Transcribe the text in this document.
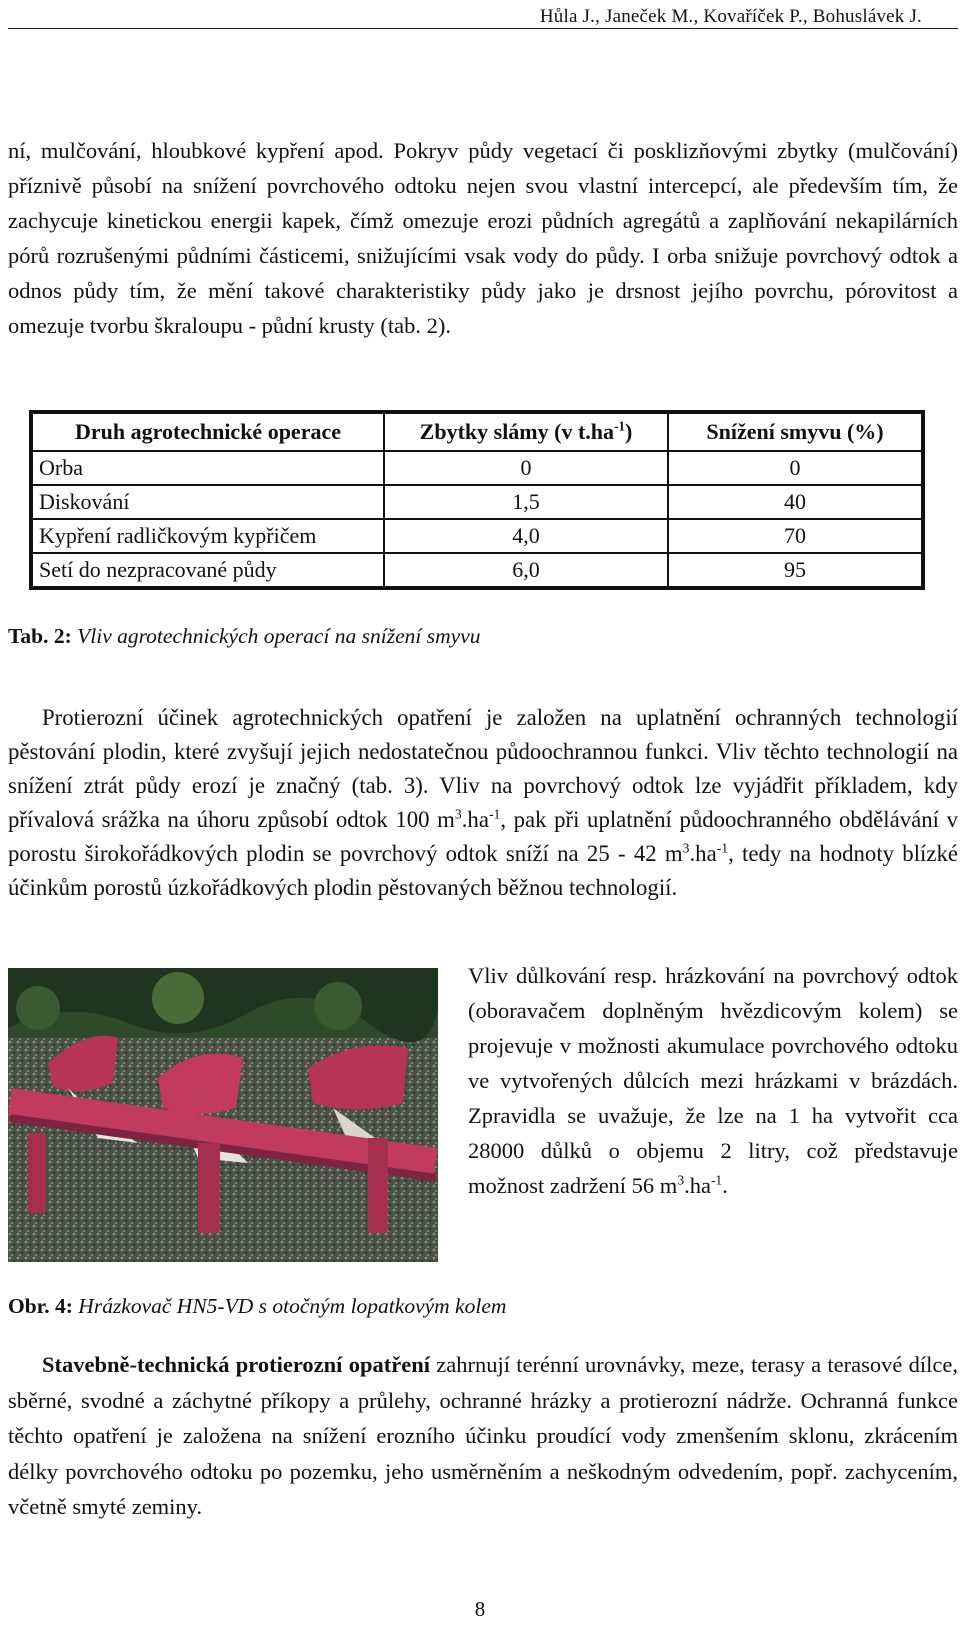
Hůla J., Janeček M., Kovaříček P., Bohuslávek J.
ní, mulčování, hloubkové kypření apod. Pokryv půdy vegetací či posklizňovými zbytky (mulčování) příznivě působí na snížení povrchového odtoku nejen svou vlastní intercepcí, ale především tím, že zachycuje kinetickou energii kapek, čímž omezuje erozi půdních agregátů a zaplňování nekapilárních pórů rozrušenými půdními částicemi, snižujícími vsak vody do půdy. I orba snižuje povrchový odtok a odnos půdy tím, že mění takové charakteristiky půdy jako je drsnost jejího povrchu, pórovitost a omezuje tvorbu škraloupu - půdní krusty (tab. 2).
Druh agrotechnické operace	Zbytky slámy (v $t.ha^{-1}$)	Snížení smyvu (%)
Orba	0	0
Diskování	1,5	40
Kypření radličkovým kypřičem	4,0	70
Setí do nezpracované půdy	6,0	95
Tab. 2: Vliv agrotechnických operací na snížení smyvu
Protierozní účinek agrotechnických opatření je založen na uplatnění ochranných technologií pěstování plodin, které zvyšují jejich nedostatečnou půdoochrannou funkci. Vliv těchto technologií na snížení ztrát půdy erozí je značný (tab. 3). Vliv na povrchový odtok lze vyjádřit příkladem, kdy přívalová srážka na úhoru způsobí odtok 100 $m^3.ha^{-1}$, pak při uplatnění půdoochranného obdělávání v porostu širokořádkových plodin se povrchový odtok sníží na 25 - 42 $m^3.ha^{-1}$, tedy na hodnoty blízké účinkům porostů úzkořádkových plodin pěstovaných běžnou technologií.
Vliv důlkování resp. hrázkování na povrchový odtok (oboravačem doplněným hvězdicovým kolem) se projevuje v možnosti akumulace povrchového odtoku ve vytvořených důlcích mezi hrázkami v brázdách. Zpravidla se uvažuje, že lze na 1 ha vytvořit cca 28000 důlků o objemu 2 litry, což představuje možnost zadržení 56 $m^3.ha^{-1}$.
Obr. 4: Hrázkovač HN5-VD s otočným lopatkovým kolem
Stavebně-technická protierozní opatření zahrnují terénní urovnávky, meze, terasy a terasové dílce, sběrné, svodné a záchytné příkopy a průlehy, ochranné hrázky a protierozní nádrže. Ochranná funkce těchto opatření je založena na snížení erozního účinku proudící vody zmenšením sklonu, zkrácením délky povrchového odtoku po pozemku, jeho usměrněním a neškodným odvedením, popř. zachycením, včetně smyté zeminy.
8
